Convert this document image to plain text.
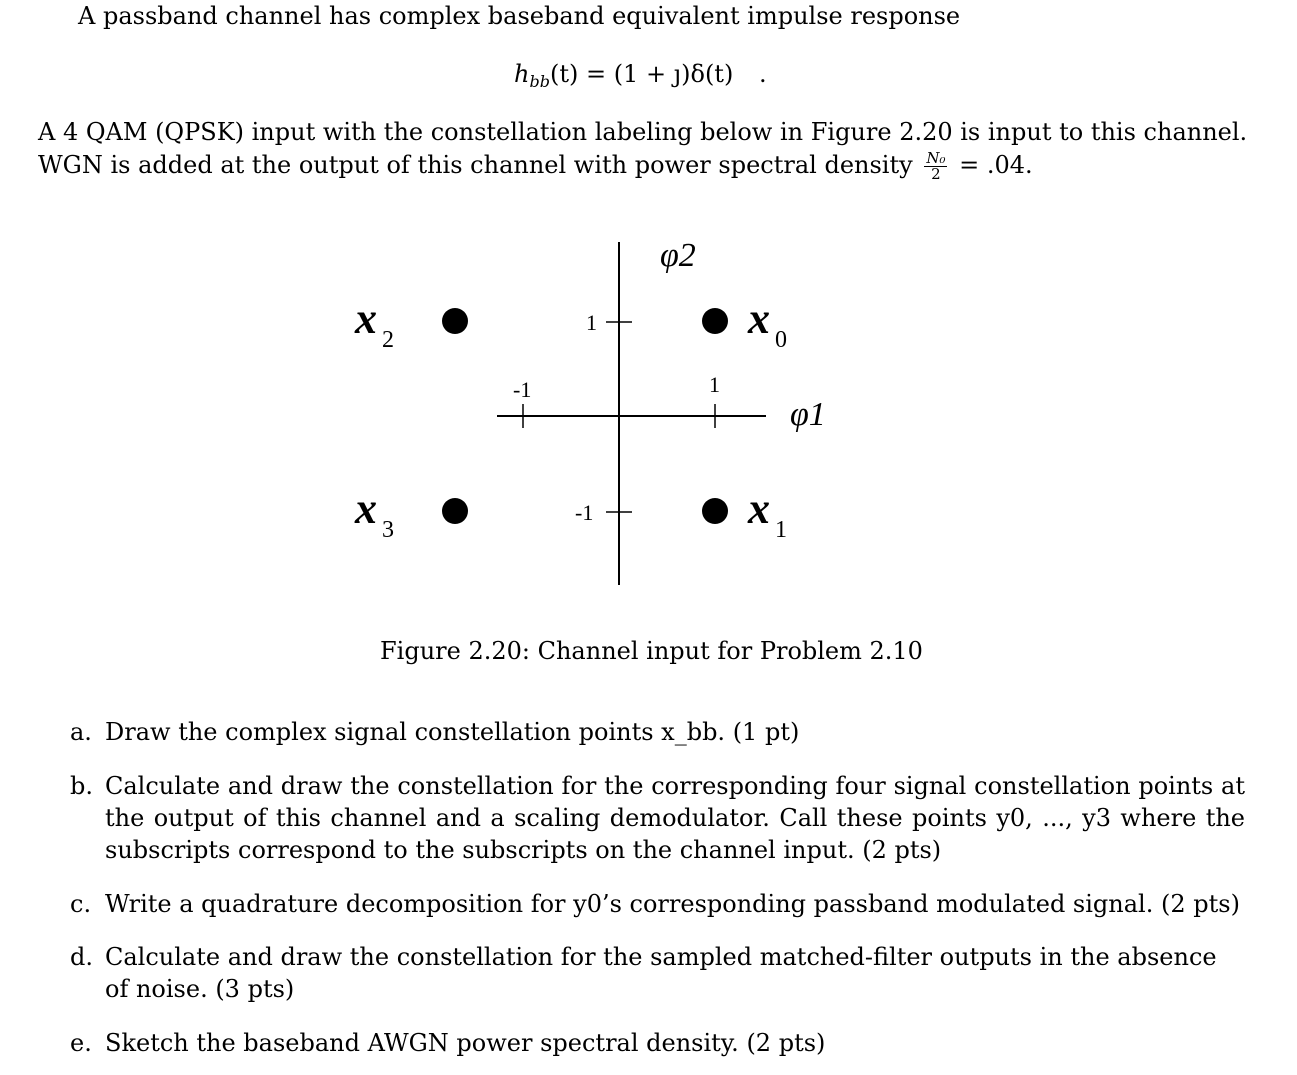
A passband channel has complex baseband equivalent impulse response
$h_{bb}(t) = (1$ + ȷ)δ(t) .
A 4 QAM (QPSK) input with the constellation labeling below in Figure 2.20 is input to this channel.
WGN is added at the output of this channel with power spectral density $\frac{\text{N₀}}{2} = .04$.
1
-1
1
-1
φ2
φ1
x 0
x 1
x 2
x 3
Figure 2.20: Channel input for Problem 2.10
a. Draw the complex signal constellation points x_bb. (1 pt)
b. Calculate and draw the constellation for the corresponding four signal constellation points at the output of this channel and a scaling demodulator. Call these points y0, ..., y3 where the subscripts correspond to the subscripts on the channel input. (2 pts)
c. Write a quadrature decomposition for y0’s corresponding passband modulated signal. (2 pts)
d. Calculate and draw the constellation for the sampled matched-filter outputs in the absence of noise. (3 pts)
e. Sketch the baseband AWGN power spectral density. (2 pts)
